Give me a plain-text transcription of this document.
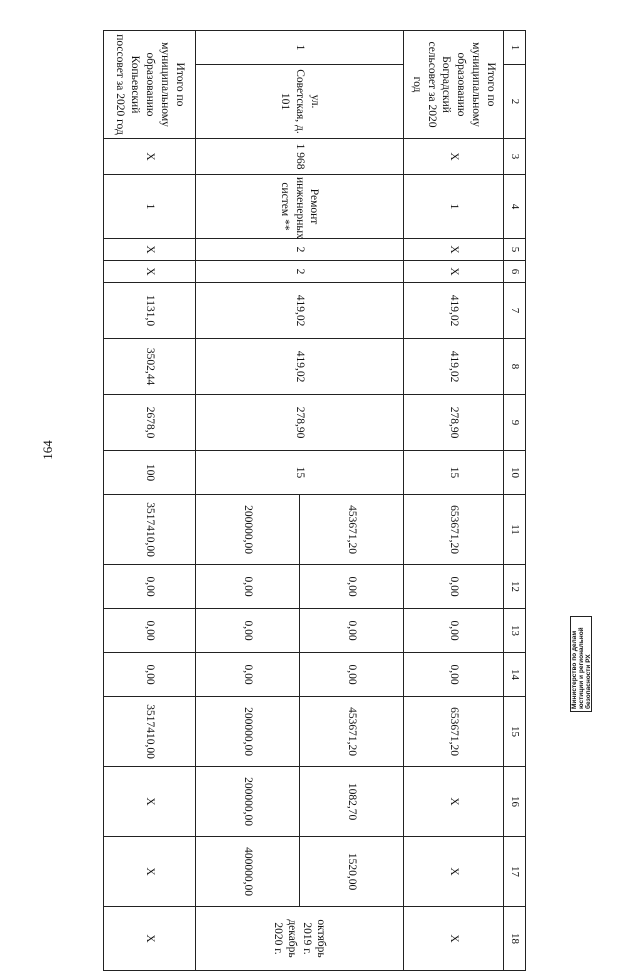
164
1	2	3	4	5	6	7	8	9	10	11	12	13	14	15	16	17	18
Итого по муниципальному образованию Боградский сельсовет за 2020 год		X	1	X	X	419,02	419,02	278,90	15	653671,20	0,00	0,00	0,00	653671,20	X	X	X
1	ул. Советская, д. 101	1 968	Ремонт инженерных систем **	2	2	419,02	419,02	278,90	15	453671,20	0,00	0,00	0,00	453671,20	1082,70	1520,00	октябрь 2019 г. декабрь 2020 г.
										200000,00	0,00	0,00	0,00	200000,00	200000,00	400000,00	
Итого по муниципальному образованию Копьевский поссовет за 2020 год		X	1	X	X	1131,0	3502,44	2678,0	100	3517410,00	0,00	0,00	0,00	3517410,00	X	X	X
Министерство по делам юстиции и региональной безопасности РХ
